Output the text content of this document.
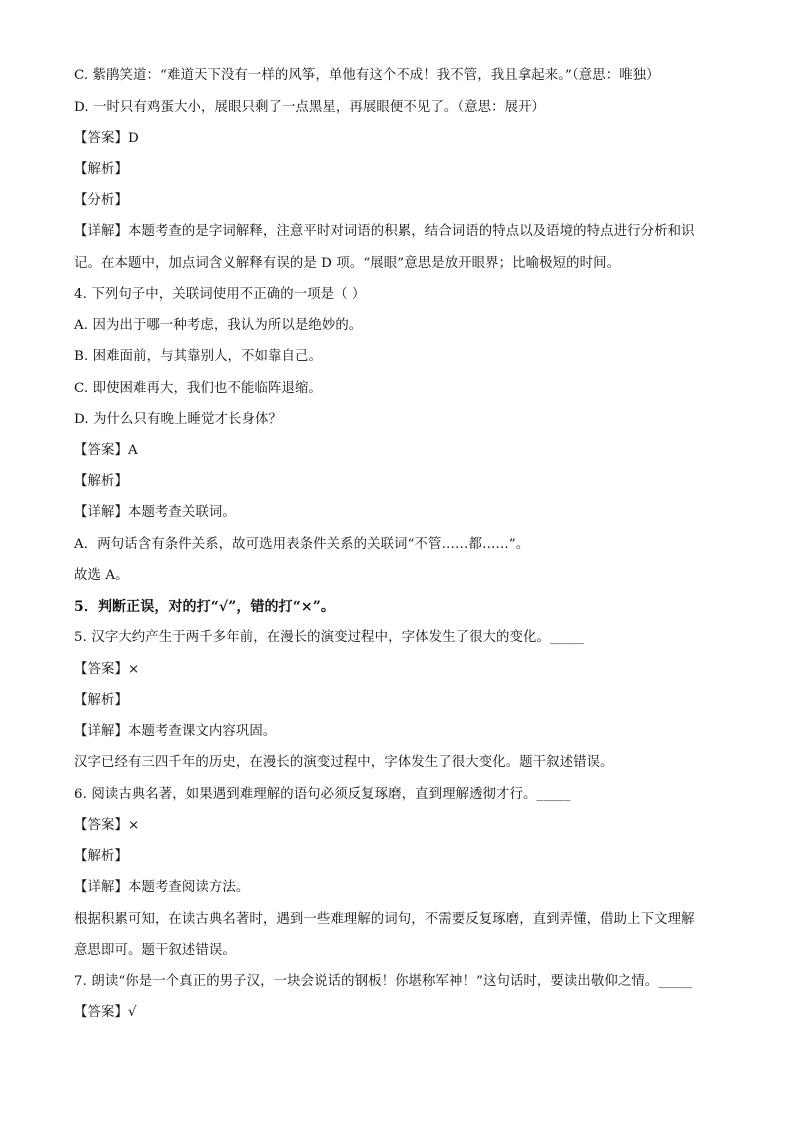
C. 紫鹃笑道：“难道天下没有一样的风筝，单他有这个不成！我不管，我且拿起来。”（意思：唯独）
D. 一时只有鸡蛋大小，展眼只剩了一点黑星，再展眼便不见了。（意思：展开）
【答案】D
【解析】
【分析】
【详解】本题考查的是字词解释，注意平时对词语的积累，结合词语的特点以及语境的特点进行分析和识
记。在本题中，加点词含义解释有误的是 D 项。“展眼”意思是放开眼界；比喻极短的时间。
4. 下列句子中，关联词使用不正确的一项是（ ）
A. 因为出于哪一种考虑，我认为所以是绝妙的。
B. 困难面前，与其靠别人，不如靠自己。
C. 即使困难再大，我们也不能临阵退缩。
D. 为什么只有晚上睡觉才长身体？
【答案】A
【解析】
【详解】本题考查关联词。
A．两句话含有条件关系，故可选用表条件关系的关联词“不管……都……”。
故选 A。
5．判断正误，对的打“√”，错的打“×”。
5. 汉字大约产生于两千多年前，在漫长的演变过程中，字体发生了很大的变化。_____
【答案】×
【解析】
【详解】本题考查课文内容巩固。
汉字已经有三四千年的历史，在漫长的演变过程中，字体发生了很大变化。题干叙述错误。
6. 阅读古典名著，如果遇到难理解的语句必须反复琢磨，直到理解透彻才行。_____
【答案】×
【解析】
【详解】本题考查阅读方法。
根据积累可知，在读古典名著时，遇到一些难理解的词句，不需要反复琢磨，直到弄懂，借助上下文理解
意思即可。题干叙述错误。
7. 朗读“你是一个真正的男子汉，一块会说话的钢板！你堪称军神！”这句话时，要读出敬仰之情。_____
【答案】√
